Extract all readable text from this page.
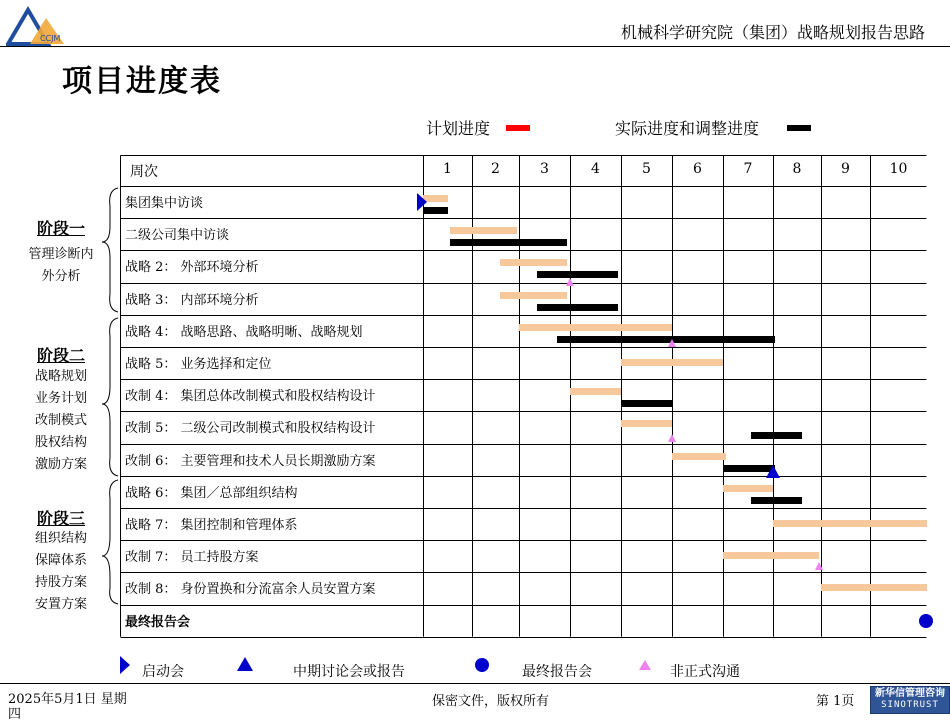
CCJM	机械科学研究院（集团）战略规划报告思路
项目进度表
计划进度	实际进度和调整进度
周次	1	2	3	4	5	6	7	8	9	10
集团集中访谈
二级公司集中访谈
战略 2： 外部环境分析
战略 3： 内部环境分析
战略 4： 战略思路、战略明晰、战略规划
战略 5： 业务选择和定位
改制 4： 集团总体改制模式和股权结构设计
改制 5： 二级公司改制模式和股权结构设计
改制 6： 主要管理和技术人员长期激励方案
战略 6： 集团／总部组织结构
战略 7： 集团控制和管理体系
改制 7： 员工持股方案
改制 8： 身份置换和分流富余人员安置方案
最终报告会
阶段一
管理诊断内
外分析
阶段二
战略规划
业务计划
改制模式
股权结构
激励方案
阶段三
组织结构
保障体系
持股方案
安置方案
启动会	中期讨论会或报告	最终报告会	非正式沟通
2025年5月1日 星期
四
保密文件，版权所有	第 1页
新华信管理咨询
SINOTRUST
